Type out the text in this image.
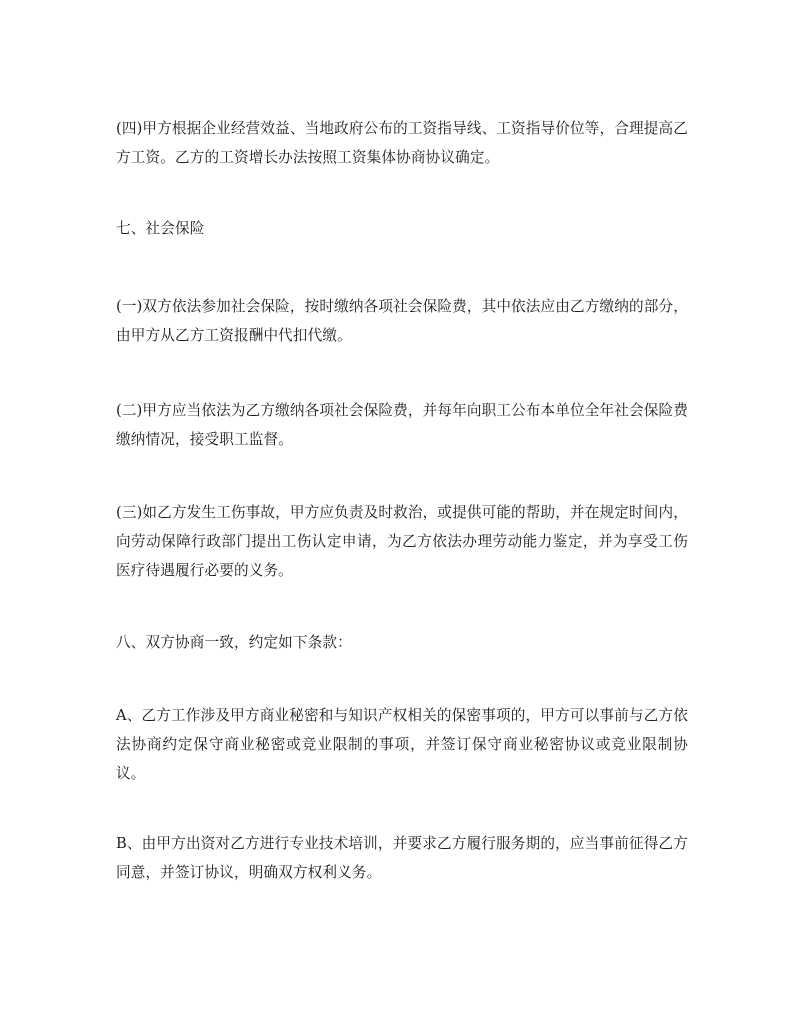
(四)甲方根据企业经营效益、当地政府公布的工资指导线、工资指导价位等，合理提高乙方工资。乙方的工资增长办法按照工资集体协商协议确定。

七、社会保险

(一)双方依法参加社会保险，按时缴纳各项社会保险费，其中依法应由乙方缴纳的部分，由甲方从乙方工资报酬中代扣代缴。

(二)甲方应当依法为乙方缴纳各项社会保险费，并每年向职工公布本单位全年社会保险费缴纳情况，接受职工监督。

(三)如乙方发生工伤事故，甲方应负责及时救治，或提供可能的帮助，并在规定时间内，向劳动保障行政部门提出工伤认定申请，为乙方依法办理劳动能力鉴定，并为享受工伤医疗待遇履行必要的义务。

八、双方协商一致，约定如下条款：

A、乙方工作涉及甲方商业秘密和与知识产权相关的保密事项的，甲方可以事前与乙方依法协商约定保守商业秘密或竞业限制的事项，并签订保守商业秘密协议或竞业限制协议。

B、由甲方出资对乙方进行专业技术培训，并要求乙方履行服务期的，应当事前征得乙方同意，并签订协议，明确双方权利义务。
